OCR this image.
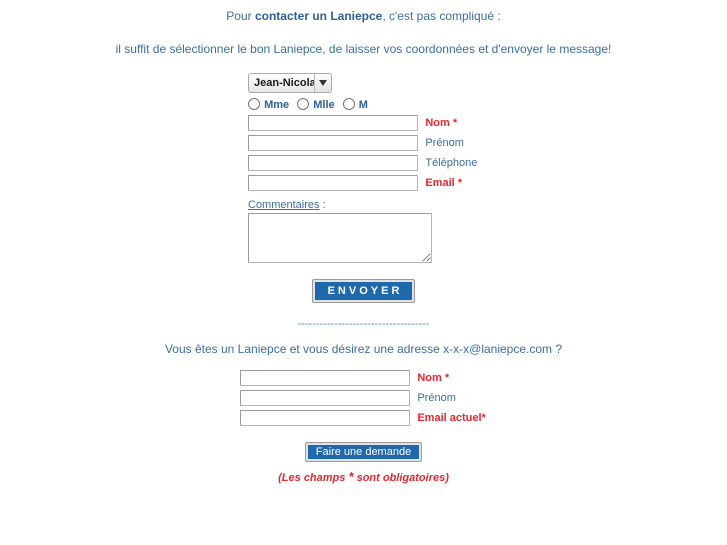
Pour contacter un Laniepce, c'est pas compliqué :
il suffit de sélectionner le bon Laniepce, de laisser vos coordonnées et d'envoyer le message!
Jean-Nicolas
Mme Mlle M
Nom *
Prénom
Téléphone
Email *
Commentaires :
ENVOYER
------------------------------------
Vous êtes un Laniepce et vous désirez une adresse x-x-x@laniepce.com ?
Nom *
Prénom
Email actuel*
Faire une demande
(Les champs * sont obligatoires)
